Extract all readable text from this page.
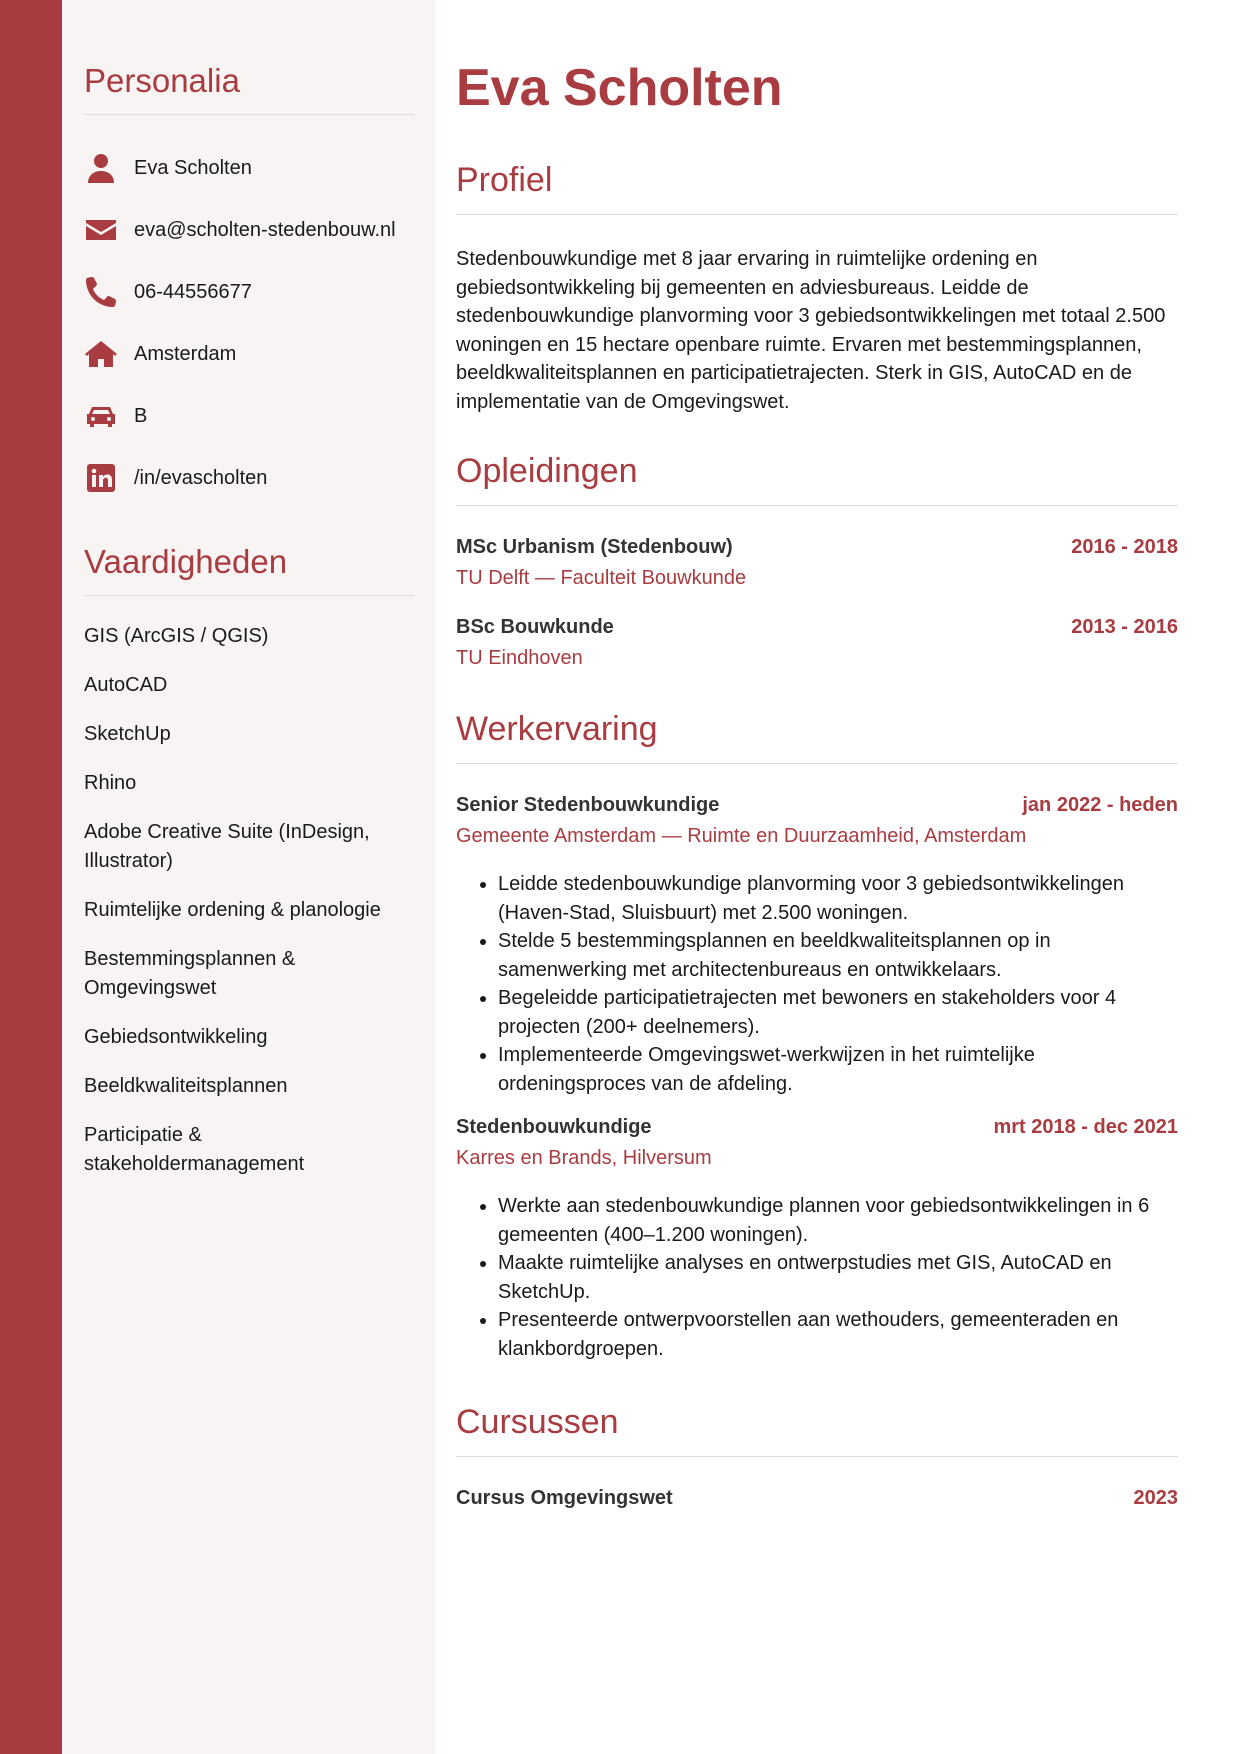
Personalia
Eva Scholten
eva@scholten-stedenbouw.nl
06-44556677
Amsterdam
B
/in/evascholten
Vaardigheden
GIS (ArcGIS / QGIS)
AutoCAD
SketchUp
Rhino
Adobe Creative Suite (InDesign, Illustrator)
Ruimtelijke ordening & planologie
Bestemmingsplannen & Omgevingswet
Gebiedsontwikkeling
Beeldkwaliteitsplannen
Participatie & stakeholdermanagement
Eva Scholten
Profiel

Stedenbouwkundige met 8 jaar ervaring in ruimtelijke ordening en gebiedsontwikkeling bij gemeenten en adviesbureaus. Leidde de stedenbouwkundige planvorming voor 3 gebiedsontwikkelingen met totaal 2.500 woningen en 15 hectare openbare ruimte. Ervaren met bestemmingsplannen, beeldkwaliteitsplannen en participatietrajecten. Sterk in GIS, AutoCAD en de implementatie van de Omgevingswet.

Opleidingen
MSc Urbanism (Stedenbouw)	2016 - 2018
TU Delft — Faculteit Bouwkunde
BSc Bouwkunde	2013 - 2016
TU Eindhoven
Werkervaring
Senior Stedenbouwkundige	jan 2022 - heden
Gemeente Amsterdam — Ruimte en Duurzaamheid, Amsterdam
• Leidde stedenbouwkundige planvorming voor 3 gebiedsontwikkelingen (Haven-Stad, Sluisbuurt) met 2.500 woningen.
• Stelde 5 bestemmingsplannen en beeldkwaliteitsplannen op in samenwerking met architectenbureaus en ontwikkelaars.
• Begeleidde participatietrajecten met bewoners en stakeholders voor 4 projecten (200+ deelnemers).
• Implementeerde Omgevingswet-werkwijzen in het ruimtelijke ordeningsproces van de afdeling.
Stedenbouwkundige	mrt 2018 - dec 2021
Karres en Brands, Hilversum
• Werkte aan stedenbouwkundige plannen voor gebiedsontwikkelingen in 6 gemeenten (400–1.200 woningen).
• Maakte ruimtelijke analyses en ontwerpstudies met GIS, AutoCAD en SketchUp.
• Presenteerde ontwerpvoorstellen aan wethouders, gemeenteraden en klankbordgroepen.
Cursussen
Cursus Omgevingswet	2023
